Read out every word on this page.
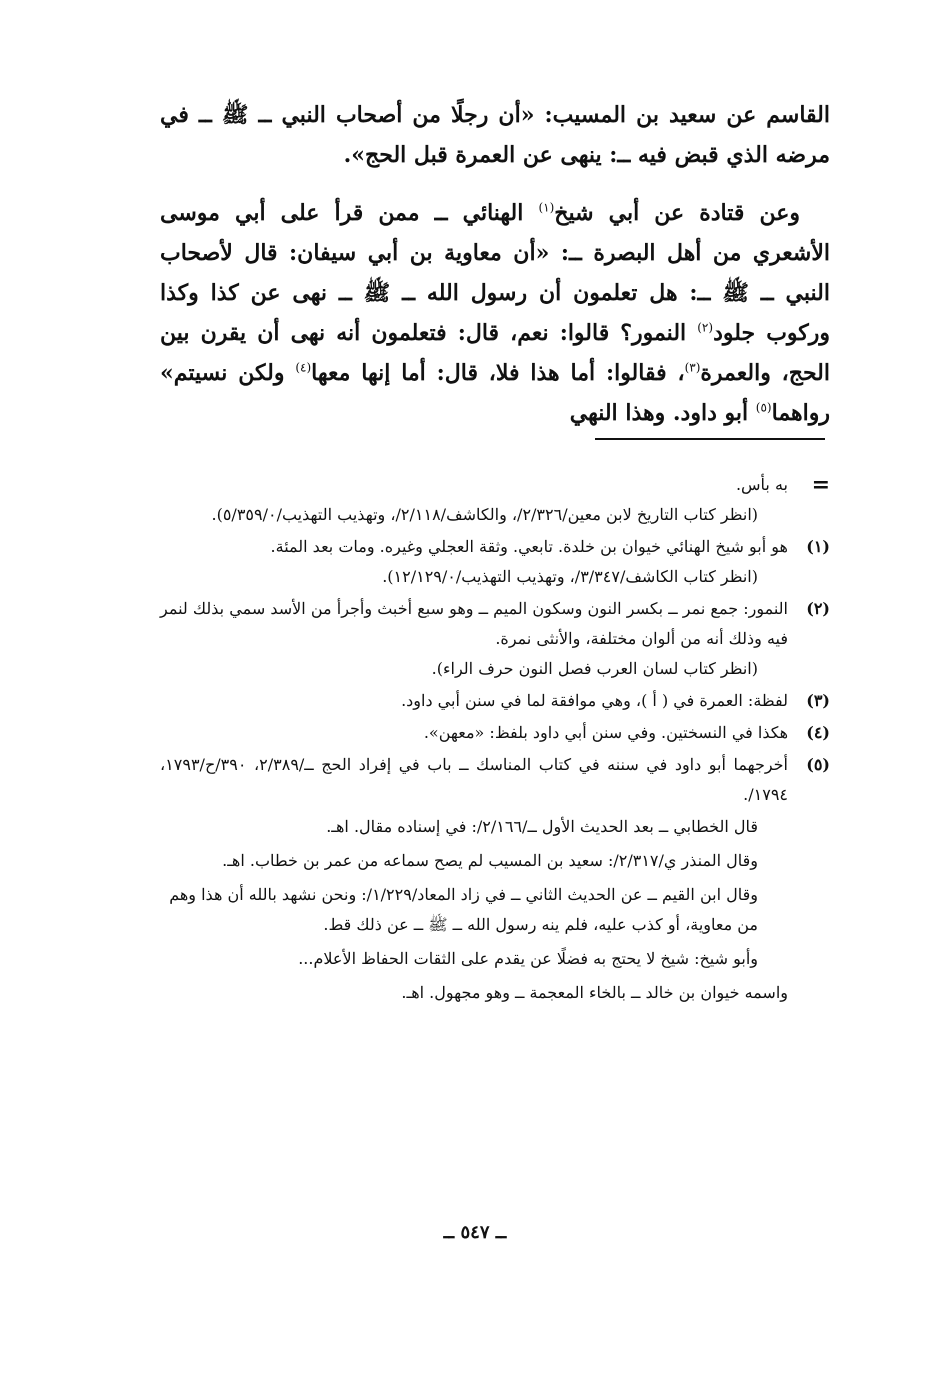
القاسم عن سعيد بن المسيب: «أن رجلًا من أصحاب النبي ــ ﷺ ــ في مرضه الذي قبض فيه ــ: ينهى عن العمرة قبل الحج».

وعن قتادة عن أبي شيخ$^{(١)}$ الهنائي ــ ممن قرأ على أبي موسى الأشعري من أهل البصرة ــ: «أن معاوية بن أبي سيفان: قال لأصحاب النبي ــ ﷺ ــ: هل تعلمون أن رسول الله ــ ﷺ ــ نهى عن كذا وكذا وركوب جلود$^{(٢)}$ النمور؟ قالوا: نعم، قال: فتعلمون أنه نهى أن يقرن بين الحج، والعمرة$^{(٣)}$، فقالوا: أما هذا فلا، قال: أما إنها معها$^{(٤)}$ ولكن نسيتم» رواهما$^{(٥)}$ أبو داود. وهذا النهي

=

به بأس.

(انظر كتاب التاريخ لابن معين/٢/٣٢٦/، والكاشف/٢/١١٨/، وتهذيب التهذيب/٥/٣٥٩/٠).

(١)

هو أبو شيخ الهنائي خيوان بن خلدة. تابعي. وثقة العجلي وغيره. ومات بعد المئة.

(انظر كتاب الكاشف/٣/٣٤٧/، وتهذيب التهذيب/١٢/١٢٩/٠).

(٢)

النمور: جمع نمر ــ بكسر النون وسكون الميم ــ وهو سبع أخبث وأجرأ من الأسد سمي بذلك لنمر فيه وذلك أنه من ألوان مختلفة، والأنثى نمرة.

(انظر كتاب لسان العرب فصل النون حرف الراء).

(٣)

لفظة: العمرة في ( أ )، وهي موافقة لما في سنن أبي داود.

(٤)

هكذا في النسختين. وفي سنن أبي داود بلفظ: «معهن».

(٥)

أخرجهما أبو داود في سننه في كتاب المناسك ــ باب في إفراد الحج ــ/٢/٣٨٩، ٣٩٠/ح/١٧٩٣، ١٧٩٤/.

قال الخطابي ــ بعد الحديث الأول ــ/٢/١٦٦/: في إسناده مقال. اهـ.

وقال المنذر ي/٢/٣١٧/: سعيد بن المسيب لم يصح سماعه من عمر بن خطاب. اهـ.

وقال ابن القيم ــ عن الحديث الثاني ــ في زاد المعاد/١/٢٢٩/: ونحن نشهد بالله أن هذا وهم من معاوية، أو كذب عليه، فلم ينه رسول الله ــ ﷺ ــ عن ذلك قط.

وأبو شيخ: شيخ لا يحتج به فضلًا عن يقدم على الثقات الحفاظ الأعلام...

واسمه خيوان بن خالد ــ بالخاء المعجمة ــ وهو مجهول. اهـ.

ــ ٥٤٧ ــ
